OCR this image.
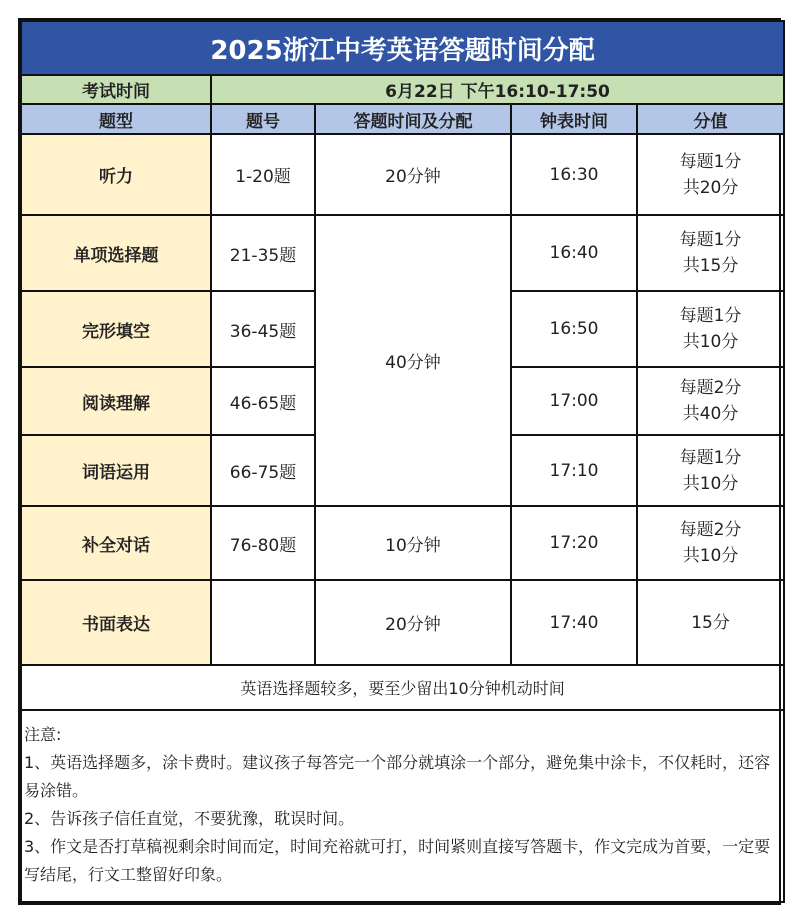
2025浙江中考英语答题时间分配				
考试时间	6月22日 下午16:10-17:50			
题型	题号	答题时间及分配	钟表时间	分值
听力	1-20题	20分钟	16:30	每题1分
共20分

单项选择题	21-35题	40分钟	16:40	每题1分
共15分

完形填空	36-45题		16:50	每题1分
共10分

阅读理解	46-65题		17:00	每题2分
共40分

词语运用	66-75题		17:10	每题1分
共10分

补全对话	76-80题	10分钟	17:20	每题2分
共10分

书面表达		20分钟	17:40	15分

英语选择题较多，要至少留出10分钟机动时间				

注意:
1、英语选择题多，涂卡费时。建议孩子每答完一个部分就填涂一个部分，避免集中涂卡，不仅耗时，还容易涂错。
2、告诉孩子信任直觉，不要犹豫，耽误时间。
3、作文是否打草稿视剩余时间而定，时间充裕就可打，时间紧则直接写答题卡，作文完成为首要，一定要写结尾，行文工整留好印象。				
